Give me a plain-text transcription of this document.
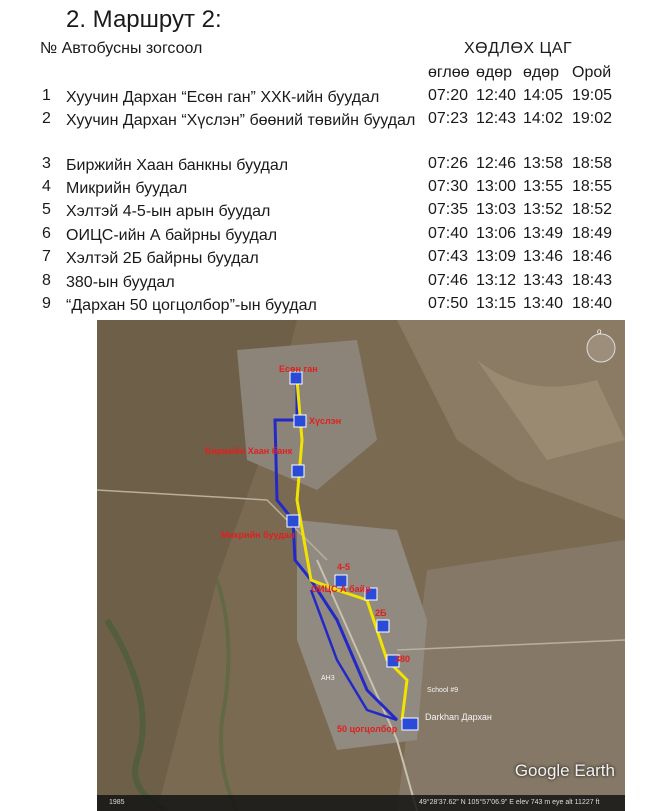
2. Маршрут 2:
№ Автобусны зогсоол	ХӨДЛӨХ ЦАГ
өглөө өдөр өдөр Орой
1 Хуучин Дархан “Есөн ган” ХХК-ийн буудал	07:20 12:40 14:05 19:05
2 Хуучин Дархан “Хүслэн” бөөний төвийн буудал 07:23 12:43 14:02 19:02
3 Биржийн Хаан банкны буудал	07:26 12:46 13:58 18:58
4 Микрийн буудал	07:30 13:00 13:55 18:55
5 Хэлтэй 4-5-ын арын буудал	07:35 13:03 13:52 18:52
6 ОИЦС-ийн А байрны буудал	07:40 13:06 13:49 18:49
7 Хэлтэй 2Б байрны буудал	07:43 13:09 13:46 18:46
8 380-ын буудал	07:46 13:12 13:43 18:43
9 “Дархан 50 цогцолбор”-ын буудал	07:50 13:15 13:40 18:40
Есөн ган
Хүслэн
Биржийн Хаан банк
Микрийн буудал
4-5
ОИЦС А байр
2Б
380
50 цогцолбор
Darkhan Дархан
School #9
AH3
o
Google Earth
1985	49°28'37.62" N 105°57'06.9" E elev 743 m eye alt 11227 ft
